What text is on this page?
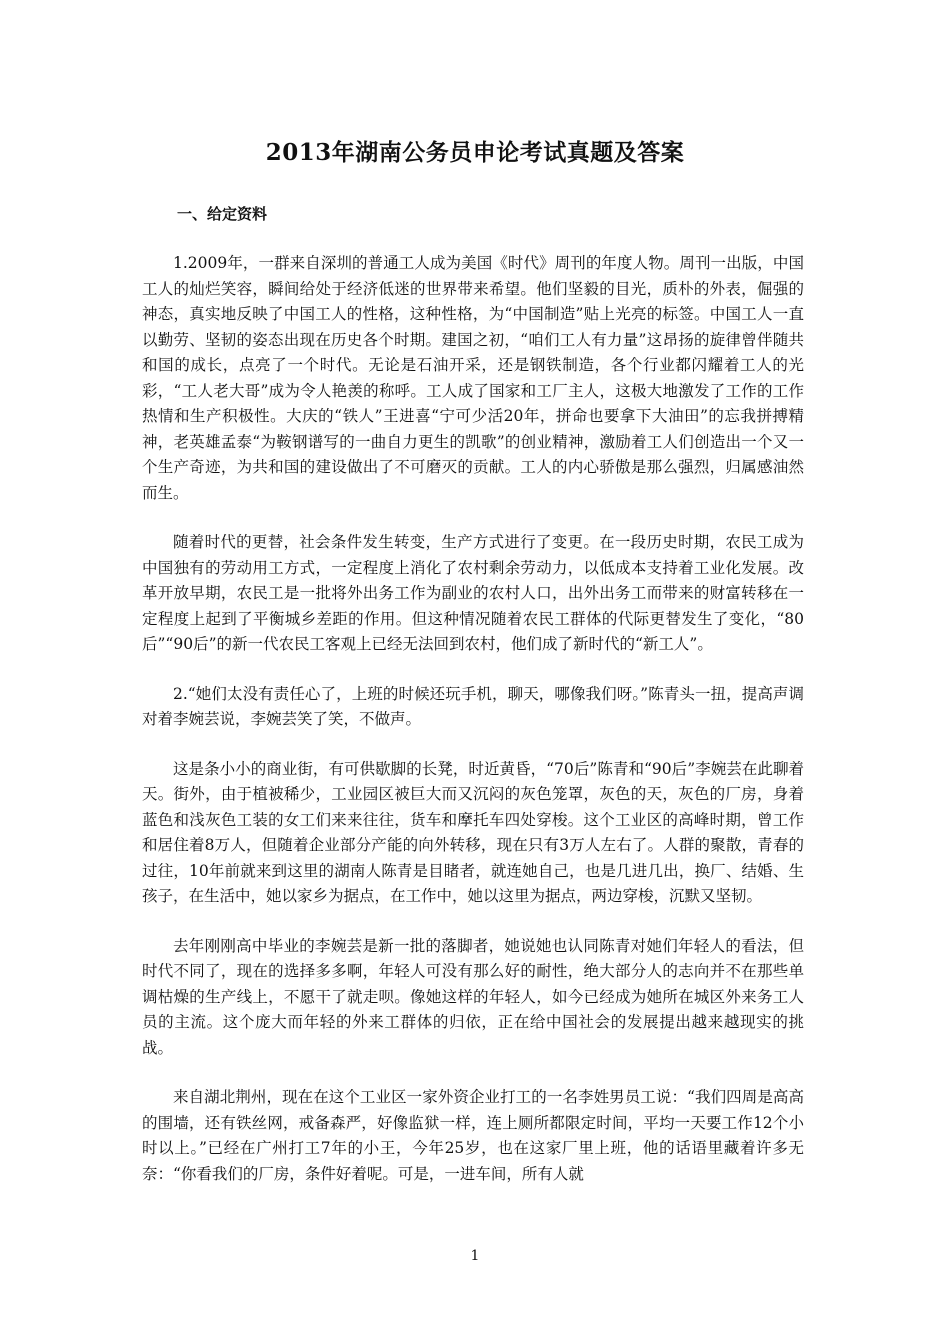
2013年湖南公务员申论考试真题及答案
一、给定资料

1.2009年，一群来自深圳的普通工人成为美国《时代》周刊的年度人物。周刊一出版，中国工人的灿烂笑容，瞬间给处于经济低迷的世界带来希望。他们坚毅的目光，质朴的外表，倔强的神态，真实地反映了中国工人的性格，这种性格，为“中国制造”贴上光亮的标签。中国工人一直以勤劳、坚韧的姿态出现在历史各个时期。建国之初，“咱们工人有力量”这昂扬的旋律曾伴随共和国的成长，点亮了一个时代。无论是石油开采，还是钢铁制造，各个行业都闪耀着工人的光彩，“工人老大哥”成为令人艳羡的称呼。工人成了国家和工厂主人，这极大地激发了工作的工作热情和生产积极性。大庆的“铁人”王进喜“宁可少活20年，拼命也要拿下大油田”的忘我拼搏精神，老英雄孟泰“为鞍钢谱写的一曲自力更生的凯歌”的创业精神，激励着工人们创造出一个又一个生产奇迹，为共和国的建设做出了不可磨灭的贡献。工人的内心骄傲是那么强烈，归属感油然而生。

随着时代的更替，社会条件发生转变，生产方式进行了变更。在一段历史时期，农民工成为中国独有的劳动用工方式，一定程度上消化了农村剩余劳动力，以低成本支持着工业化发展。改革开放早期，农民工是一批将外出务工作为副业的农村人口，出外出务工而带来的财富转移在一定程度上起到了平衡城乡差距的作用。但这种情况随着农民工群体的代际更替发生了变化，“80后”“90后”的新一代农民工客观上已经无法回到农村，他们成了新时代的“新工人”。

2.“她们太没有责任心了，上班的时候还玩手机，聊天，哪像我们呀。”陈青头一扭，提高声调对着李婉芸说，李婉芸笑了笑，不做声。

这是条小小的商业街，有可供歇脚的长凳，时近黄昏，“70后”陈青和“90后”李婉芸在此聊着天。街外，由于植被稀少，工业园区被巨大而又沉闷的灰色笼罩，灰色的天，灰色的厂房，身着蓝色和浅灰色工装的女工们来来往往，货车和摩托车四处穿梭。这个工业区的高峰时期，曾工作和居住着8万人，但随着企业部分产能的向外转移，现在只有3万人左右了。人群的聚散，青春的过往，10年前就来到这里的湖南人陈青是目睹者，就连她自己，也是几进几出，换厂、结婚、生孩子，在生活中，她以家乡为据点，在工作中，她以这里为据点，两边穿梭，沉默又坚韧。

去年刚刚高中毕业的李婉芸是新一批的落脚者，她说她也认同陈青对她们年轻人的看法，但时代不同了，现在的选择多多啊，年轻人可没有那么好的耐性，绝大部分人的志向并不在那些单调枯燥的生产线上，不愿干了就走呗。像她这样的年轻人，如今已经成为她所在城区外来务工人员的主流。这个庞大而年轻的外来工群体的归依，正在给中国社会的发展提出越来越现实的挑战。

来自湖北荆州，现在在这个工业区一家外资企业打工的一名李姓男员工说：“我们四周是高高的围墙，还有铁丝网，戒备森严，好像监狱一样，连上厕所都限定时间，平均一天要工作12个小时以上。”已经在广州打工7年的小王，今年25岁，也在这家厂里上班，他的话语里藏着许多无奈：“你看我们的厂房，条件好着呢。可是，一进车间，所有人就

1
